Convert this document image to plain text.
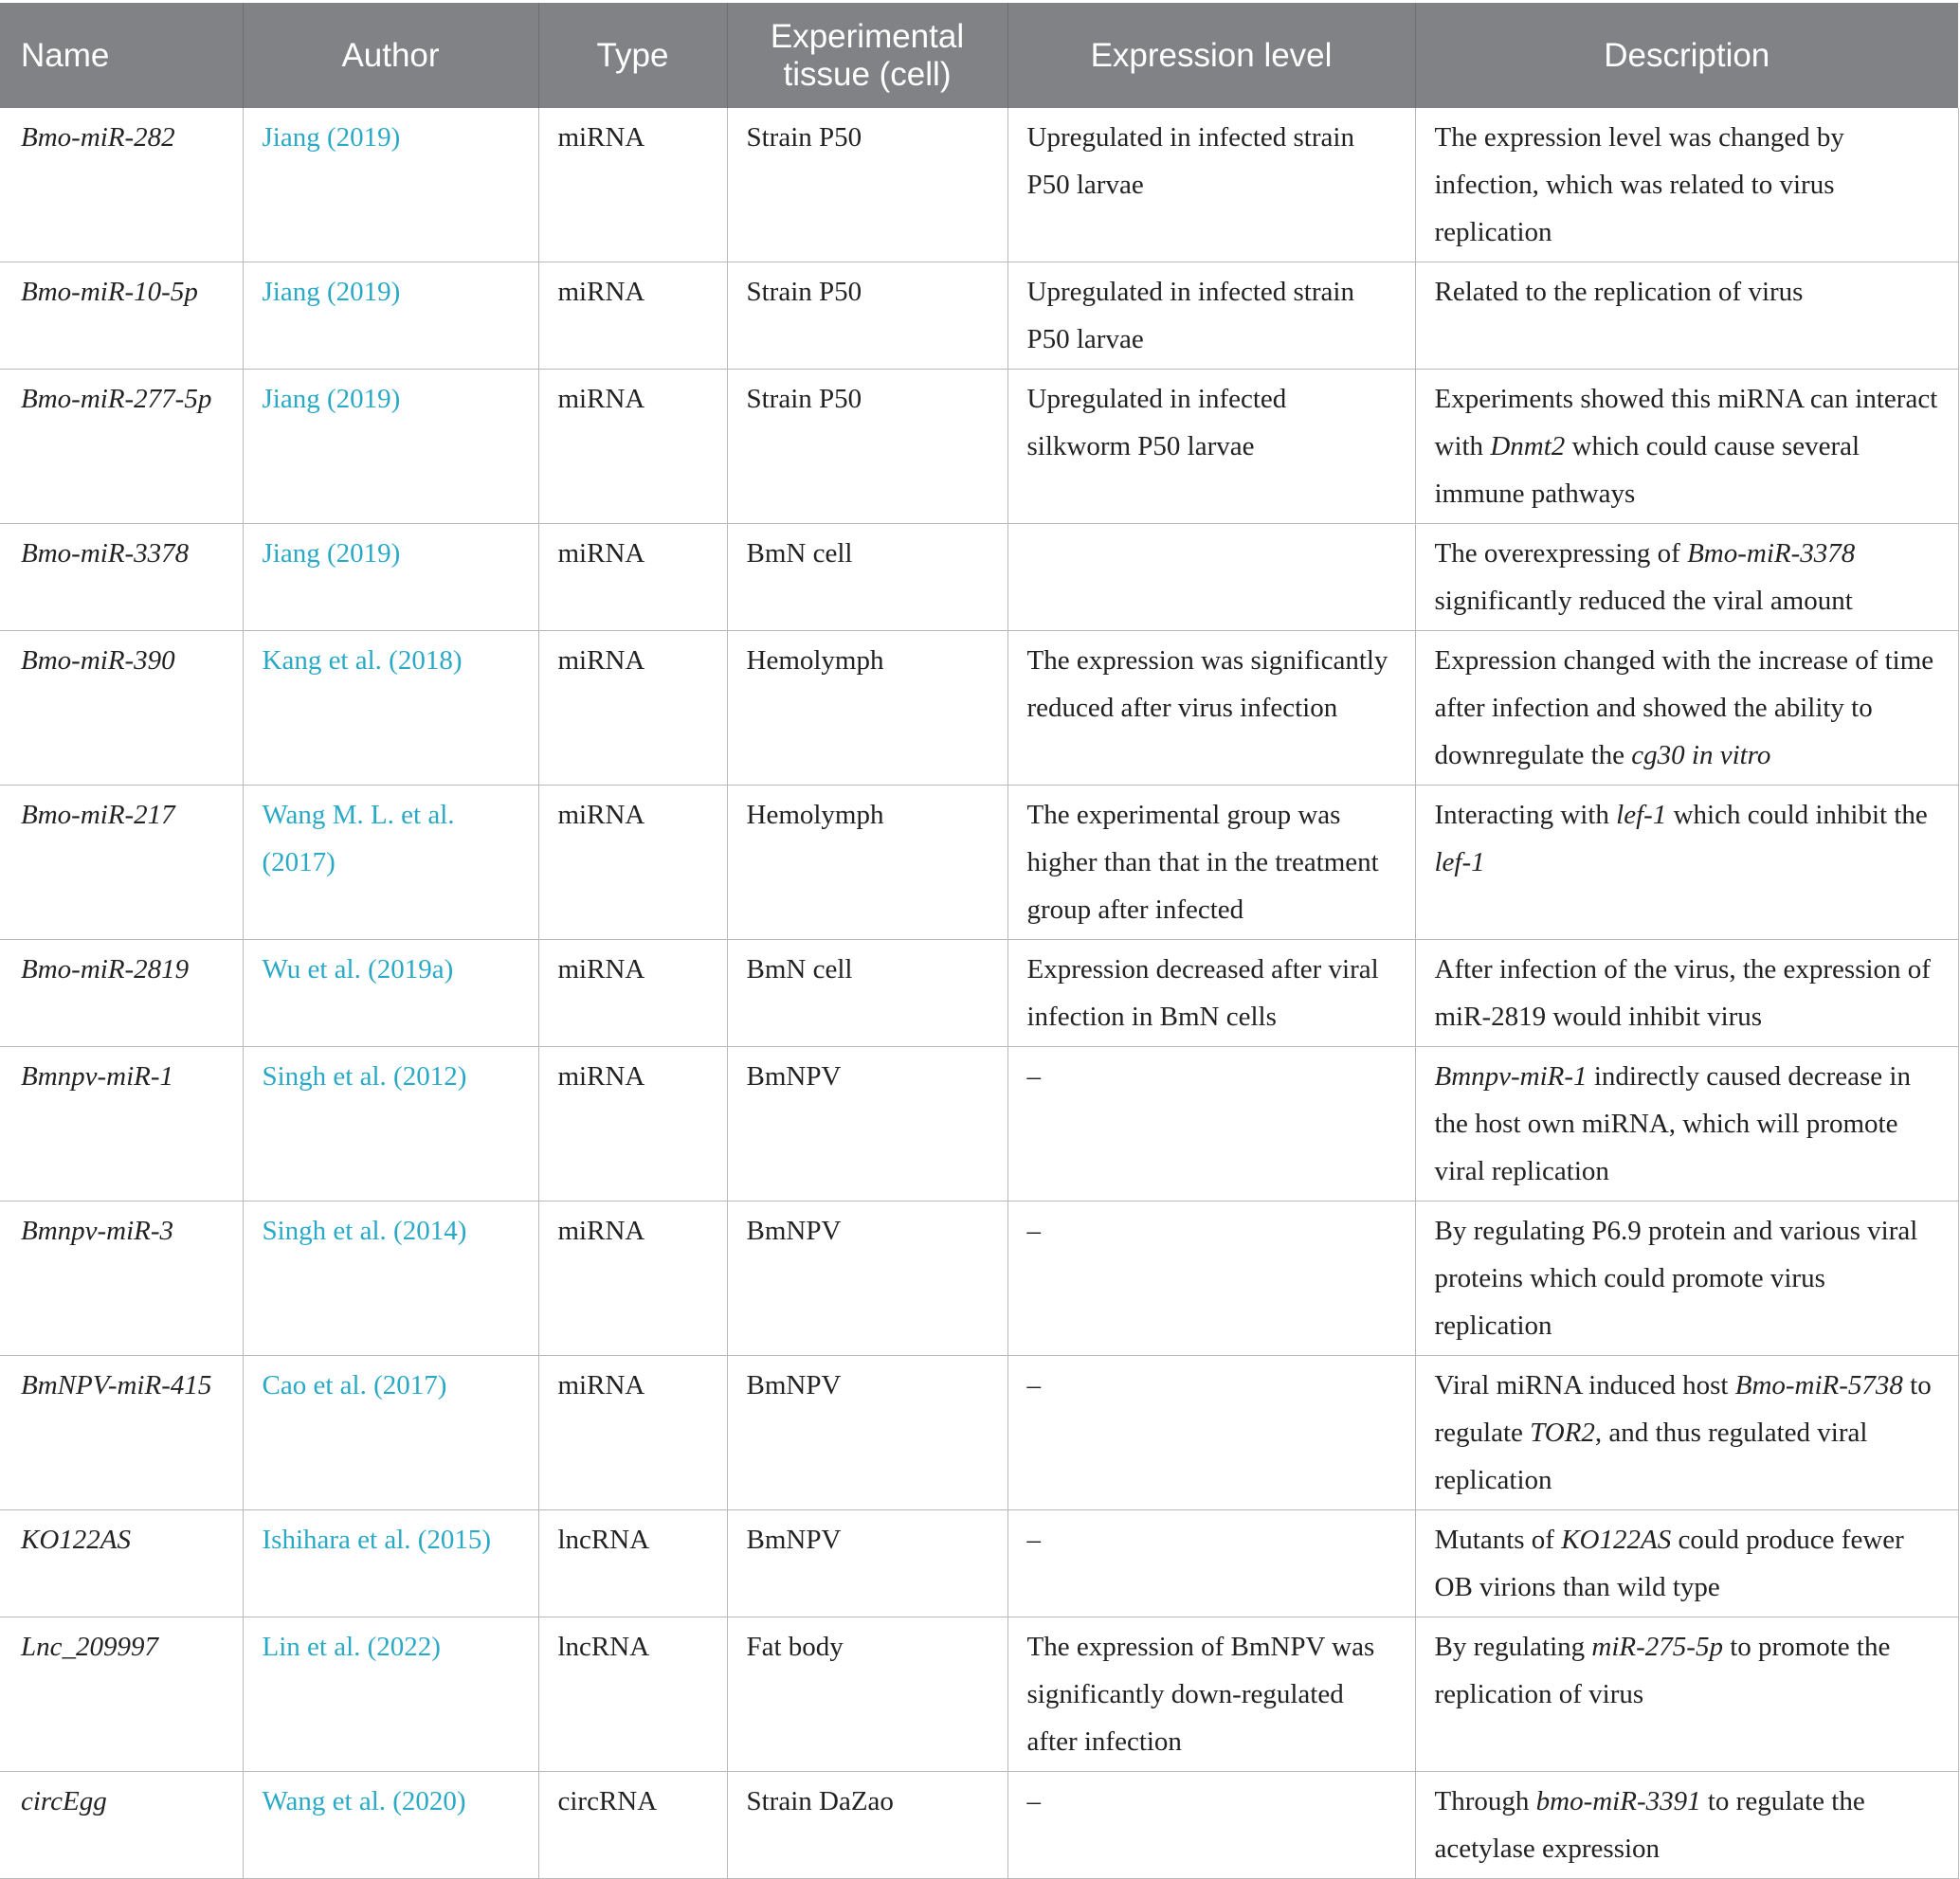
Name	Author	Type	Experimental tissue (cell)	Expression level	Description
Bmo-miR-282	Jiang (2019)	miRNA	Strain P50	Upregulated in infected strain P50 larvae	The expression level was changed by infection, which was related to virus replication
Bmo-miR-10-5p	Jiang (2019)	miRNA	Strain P50	Upregulated in infected strain P50 larvae	Related to the replication of virus
Bmo-miR-277-5p	Jiang (2019)	miRNA	Strain P50	Upregulated in infected silkworm P50 larvae	Experiments showed this miRNA can interact with Dnmt2 which could cause several immune pathways
Bmo-miR-3378	Jiang (2019)	miRNA	BmN cell		The overexpressing of Bmo-miR-3378 significantly reduced the viral amount
Bmo-miR-390	Kang et al. (2018)	miRNA	Hemolymph	The expression was significantly reduced after virus infection	Expression changed with the increase of time after infection and showed the ability to downregulate the cg30 in vitro
Bmo-miR-217	Wang M. L. et al. (2017)	miRNA	Hemolymph	The experimental group was higher than that in the treatment group after infected	Interacting with lef-1 which could inhibit the lef-1
Bmo-miR-2819	Wu et al. (2019a)	miRNA	BmN cell	Expression decreased after viral infection in BmN cells	After infection of the virus, the expression of miR-2819 would inhibit virus
Bmnpv-miR-1	Singh et al. (2012)	miRNA	BmNPV	–	Bmnpv-miR-1 indirectly caused decrease in the host own miRNA, which will promote viral replication
Bmnpv-miR-3	Singh et al. (2014)	miRNA	BmNPV	–	By regulating P6.9 protein and various viral proteins which could promote virus replication
BmNPV-miR-415	Cao et al. (2017)	miRNA	BmNPV	–	Viral miRNA induced host Bmo-miR-5738 to regulate TOR2, and thus regulated viral replication
KO122AS	Ishihara et al. (2015)	lncRNA	BmNPV	–	Mutants of KO122AS could produce fewer OB virions than wild type
Lnc_209997	Lin et al. (2022)	lncRNA	Fat body	The expression of BmNPV was significantly down-regulated after infection	By regulating miR-275-5p to promote the replication of virus
circEgg	Wang et al. (2020)	circRNA	Strain DaZao	–	Through bmo-miR-3391 to regulate the acetylase expression
